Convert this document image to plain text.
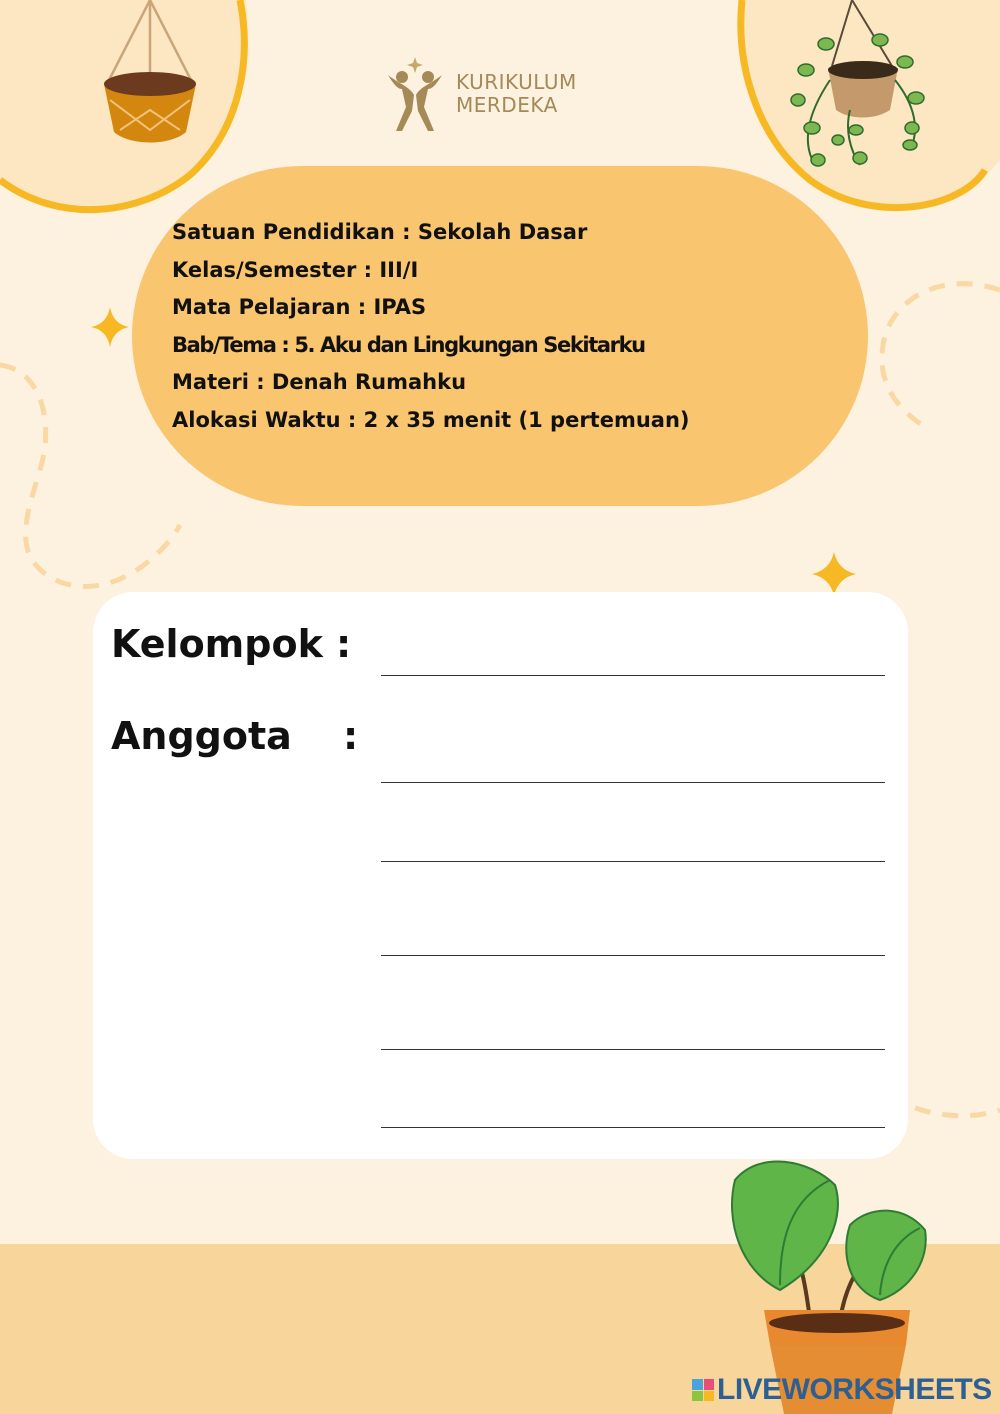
KURIKULUM
MERDEKA
Satuan Pendidikan : Sekolah Dasar
Kelas/Semester : III/I
Mata Pelajaran : IPAS
Bab/Tema : 5. Aku dan Lingkungan Sekitarku
Materi : Denah Rumahku
Alokasi Waktu : 2 x 35 menit (1 pertemuan)
Kelompok :
Anggota :
LIVEWORKSHEETS
